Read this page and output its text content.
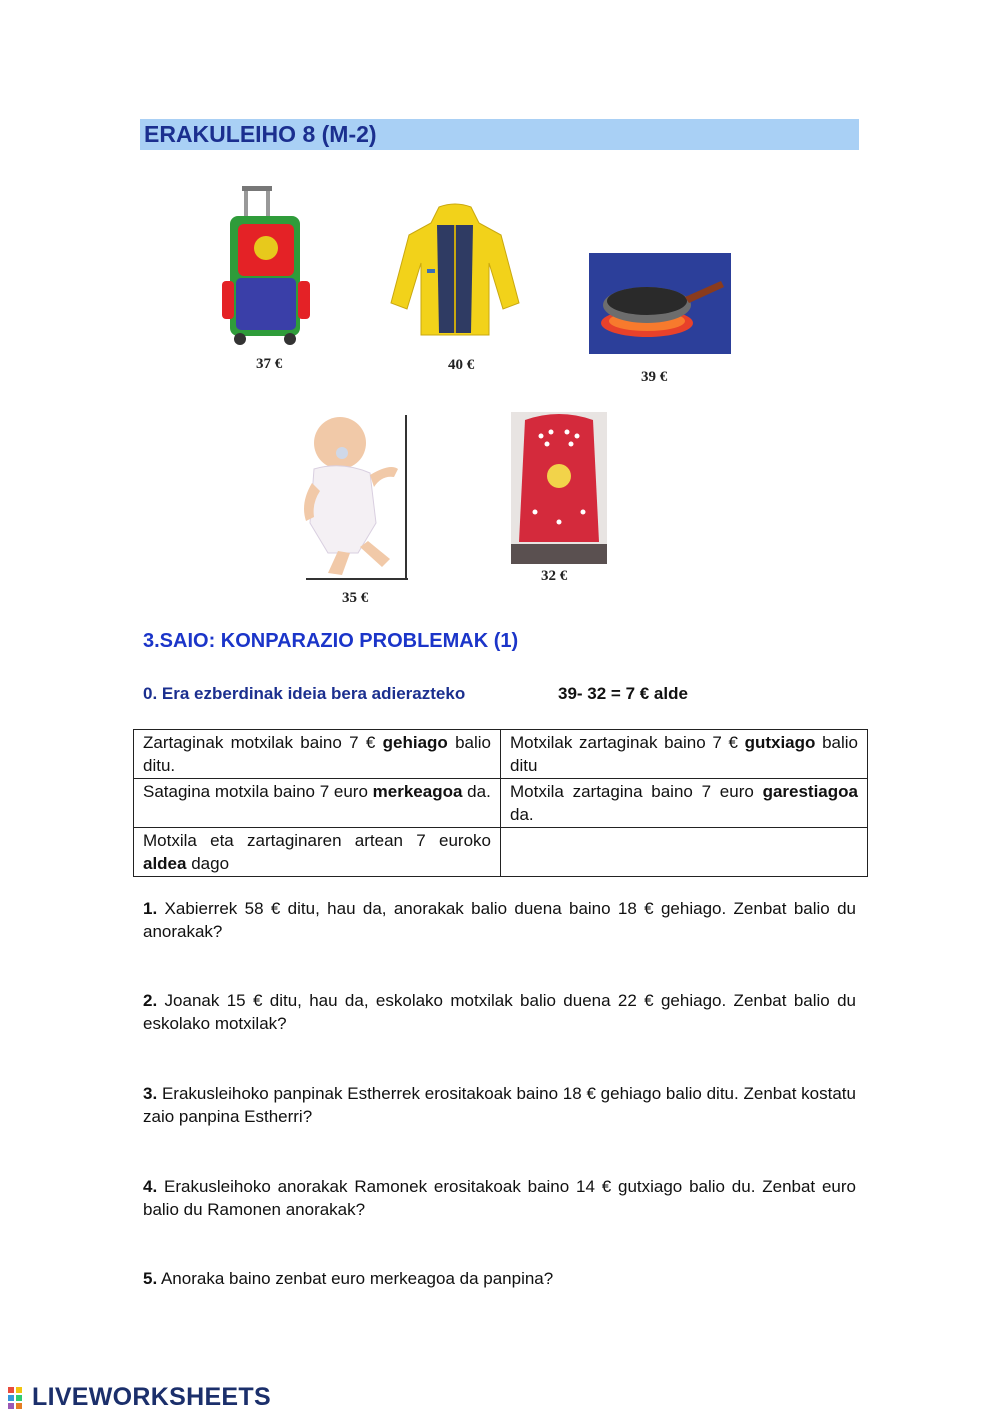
ERAKULEIHO 8 (M-2)
37 €	40 €
39 €
35 €
32 €
3.SAIO: KONPARAZIO PROBLEMAK (1)
0. Era ezberdinak ideia bera adierazteko	39- 32 = 7 € alde
Zartaginak motxilak baino 7 € gehiago balio ditu.	Motxilak zartaginak baino 7 € gutxiago balio ditu
Satagina motxila baino 7 euro merkeagoa da.	Motxila zartagina baino 7 euro garestiagoa da.
Motxila eta zartaginaren artean 7 euroko aldea dago	
1. Xabierrek 58 € ditu, hau da, anorakak balio duena baino 18 € gehiago. Zenbat balio du anorakak?
2. Joanak 15 € ditu, hau da, eskolako motxilak balio duena 22 € gehiago. Zenbat balio du eskolako motxilak?
3. Erakusleihoko panpinak Estherrek erositakoak baino 18 € gehiago balio ditu. Zenbat kostatu zaio panpina Estherri?
4. Erakusleihoko anorakak Ramonek erositakoak baino 14 € gutxiago balio du. Zenbat euro balio du Ramonen anorakak?
5. Anoraka baino zenbat euro merkeagoa da panpina?
LIVEWORKSHEETS
